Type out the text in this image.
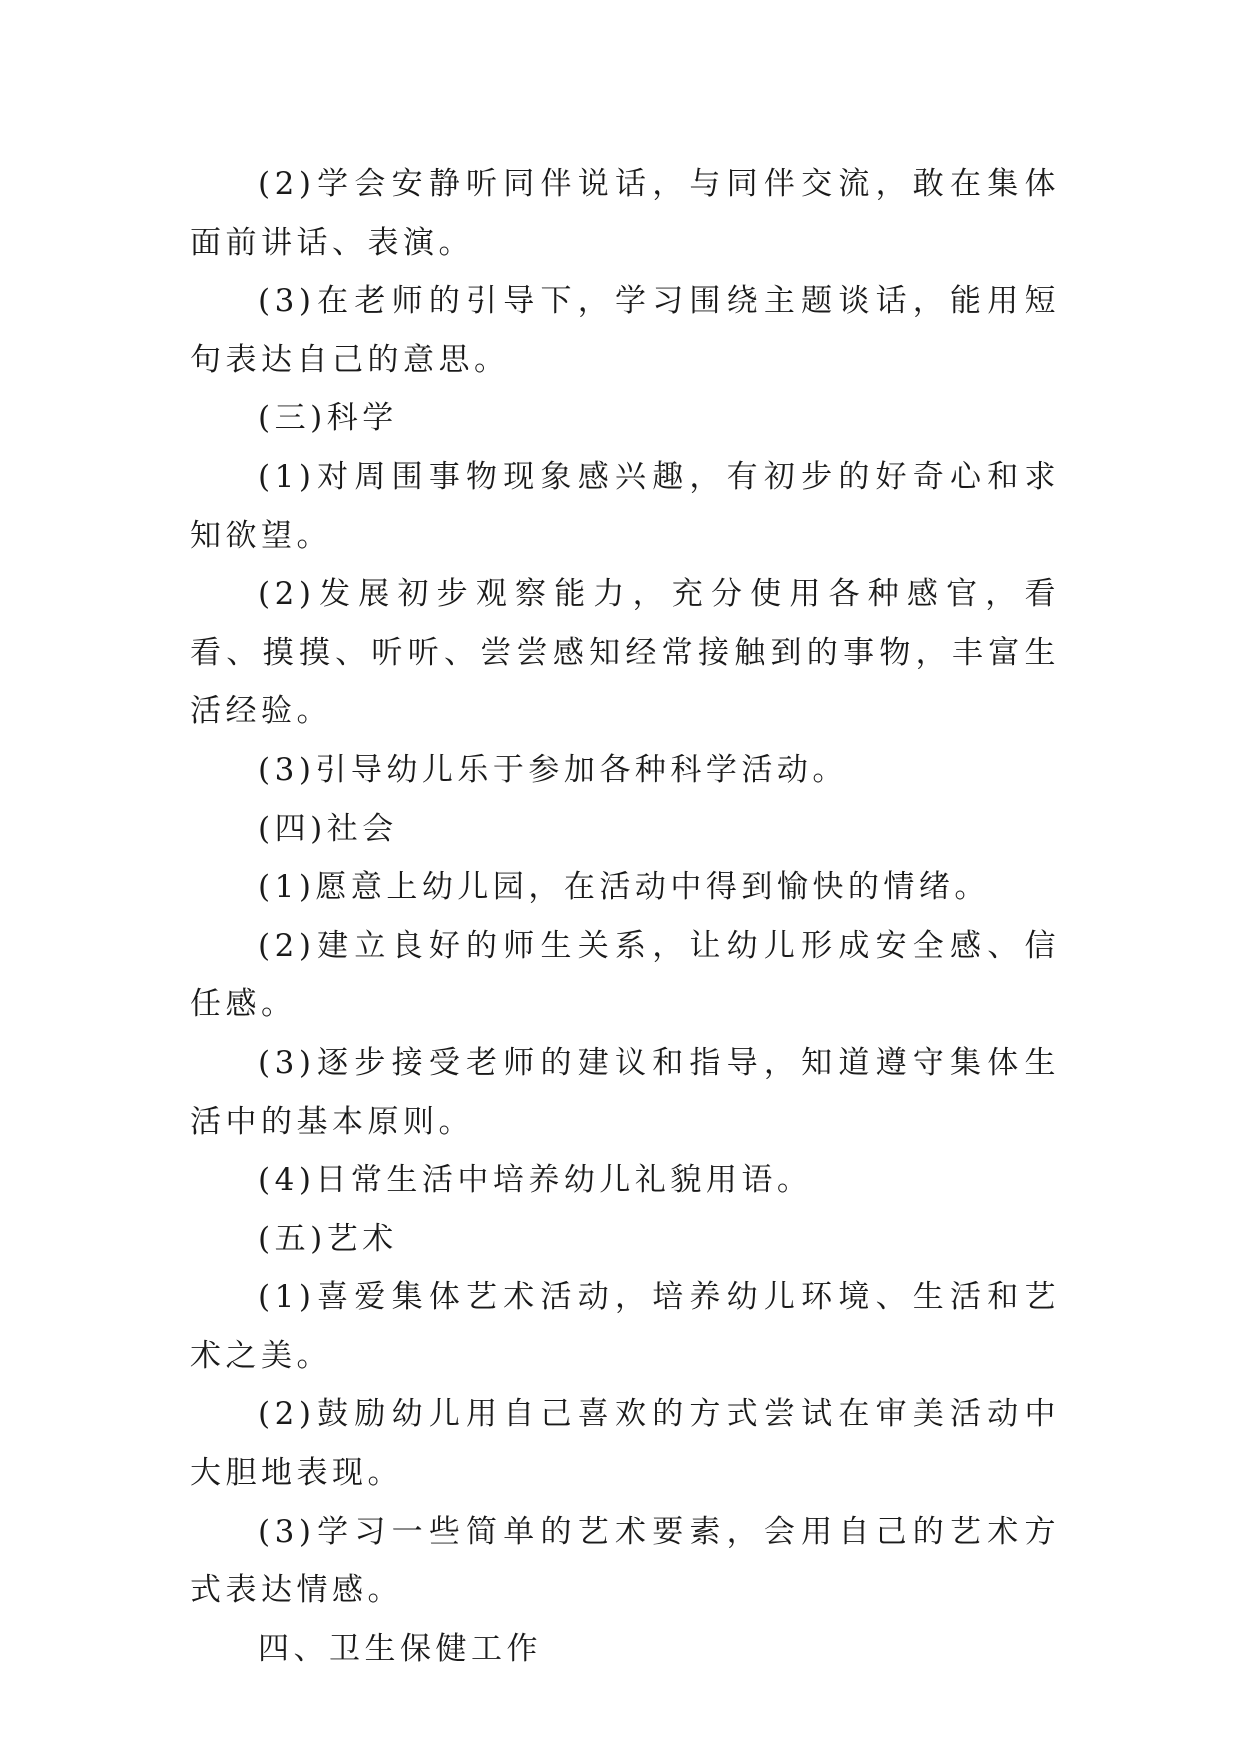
(2)学会安静听同伴说话，与同伴交流，敢在集体面前讲话、表演。

(3)在老师的引导下，学习围绕主题谈话，能用短句表达自己的意思。

(三)科学

(1)对周围事物现象感兴趣，有初步的好奇心和求知欲望。

(2)发展初步观察能力，充分使用各种感官，看看、摸摸、听听、尝尝感知经常接触到的事物，丰富生活经验。

(3)引导幼儿乐于参加各种科学活动。

(四)社会

(1)愿意上幼儿园，在活动中得到愉快的情绪。

(2)建立良好的师生关系，让幼儿形成安全感、信任感。

(3)逐步接受老师的建议和指导，知道遵守集体生活中的基本原则。

(4)日常生活中培养幼儿礼貌用语。

(五)艺术

(1)喜爱集体艺术活动，培养幼儿环境、生活和艺术之美。

(2)鼓励幼儿用自己喜欢的方式尝试在审美活动中大胆地表现。

(3)学习一些简单的艺术要素，会用自己的艺术方式表达情感。

四、卫生保健工作
